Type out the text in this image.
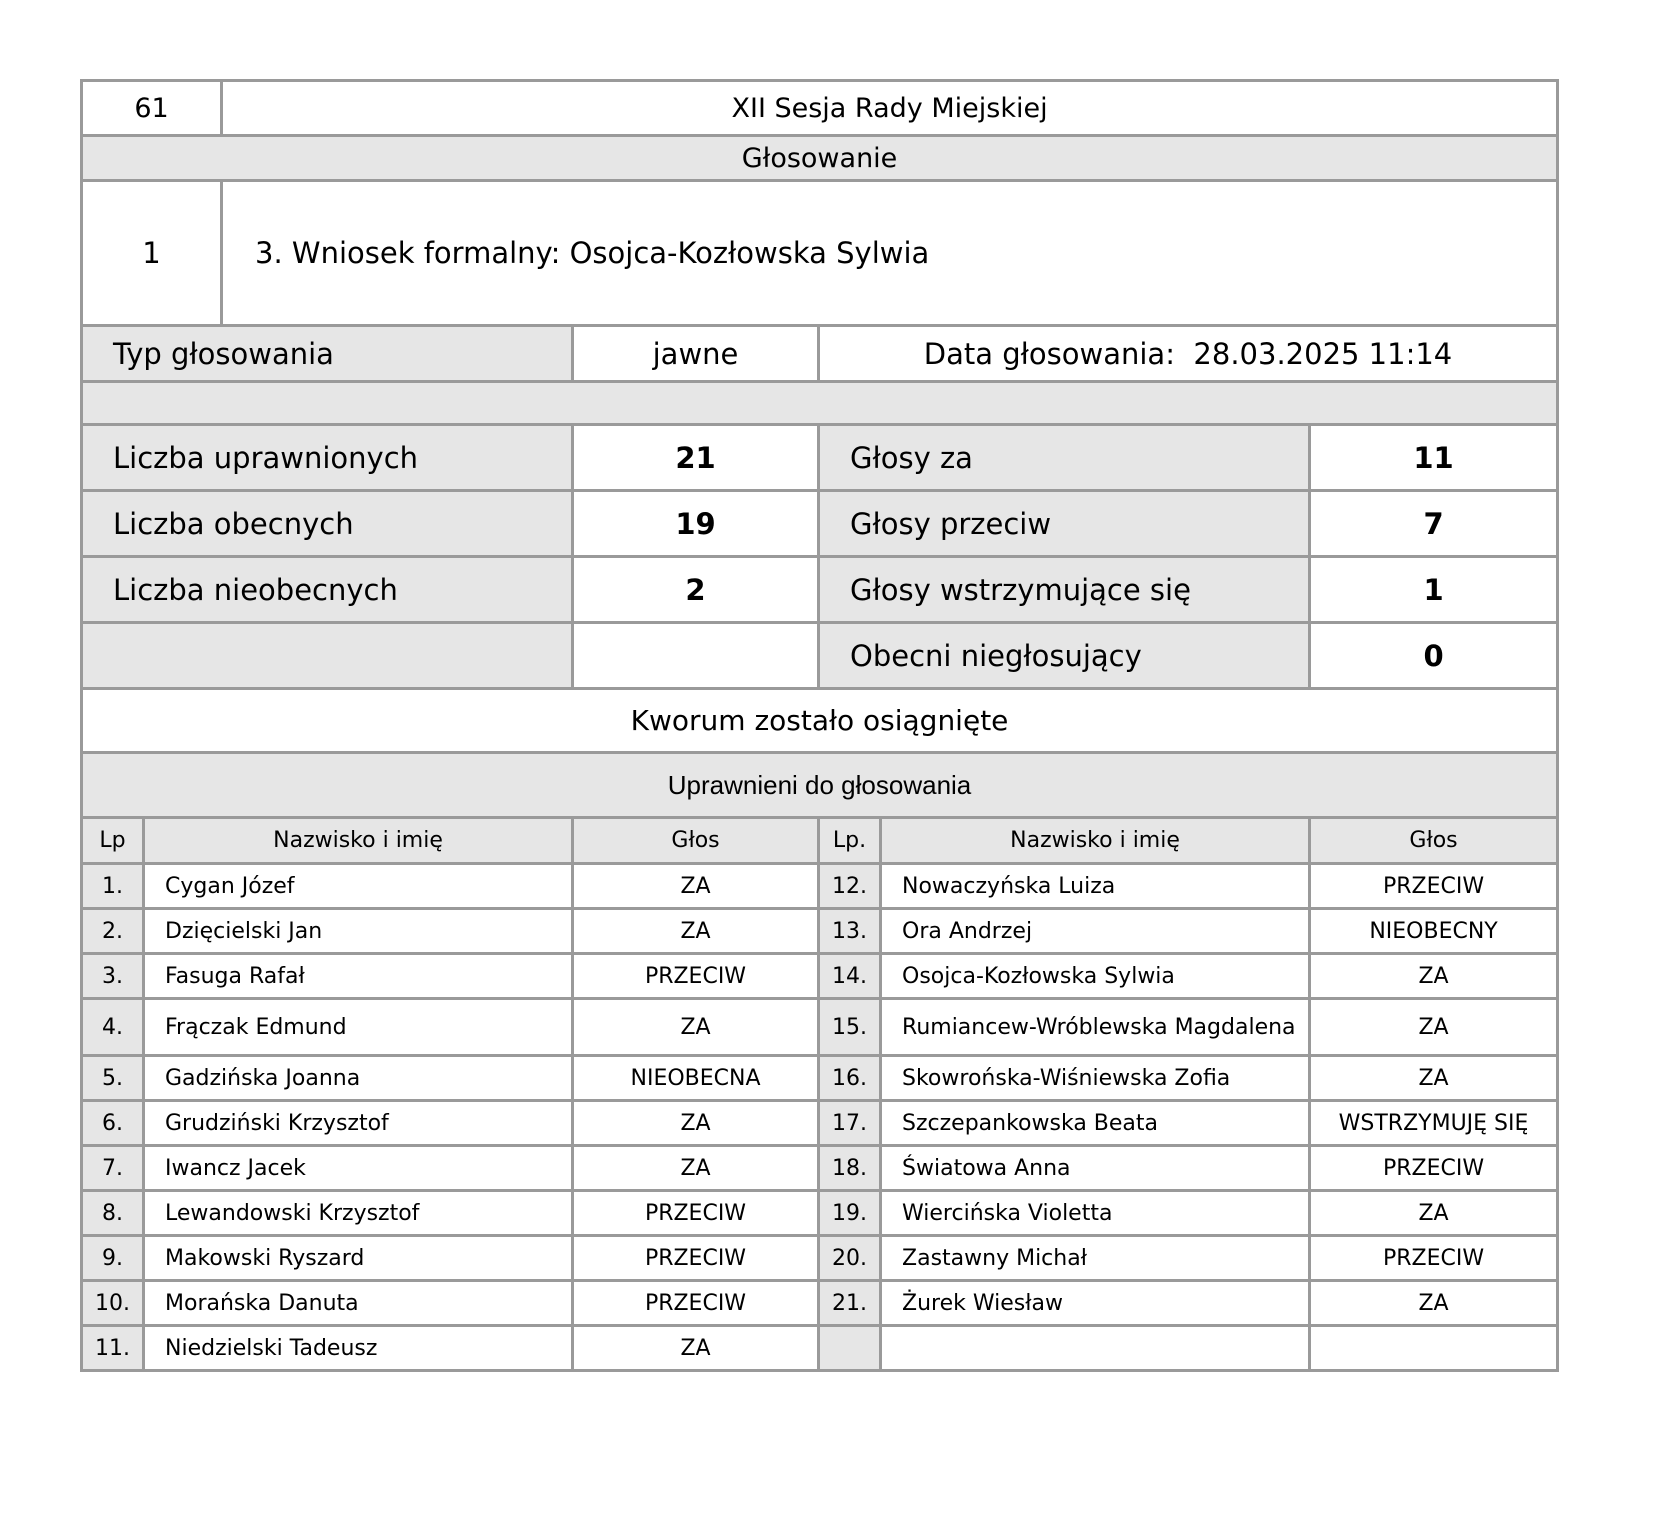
61		XII Sesja Rady Miejskiej				
Głosowanie						
1		3. Wniosek formalny: Osojca-Kozłowska Sylwia				
Typ głosowania			jawne	Data głosowania: 28.03.2025 11:14		

Liczba uprawnionych			21	Głosy za		11
Liczba obecnych			19	Głosy przeciw		7
Liczba nieobecnych			2	Głosy wstrzymujące się		1
				Obecni niegłosujący		0
Kworum zostało osiągnięte						
Uprawnieni do głosowania						
Lp	Nazwisko i imię		Głos	Lp.	Nazwisko i imię	Głos
1.	Cygan Józef		ZA	12.	Nowaczyńska Luiza	PRZECIW
2.	Dzięcielski Jan		ZA	13.	Ora Andrzej	NIEOBECNY
3.	Fasuga Rafał		PRZECIW	14.	Osojca-Kozłowska Sylwia	ZA
4.	Frączak Edmund		ZA	15.	Rumiancew-Wróblewska Magdalena	ZA
5.	Gadzińska Joanna		NIEOBECNA	16.	Skowrońska-Wiśniewska Zofia	ZA
6.	Grudziński Krzysztof		ZA	17.	Szczepankowska Beata	WSTRZYMUJĘ SIĘ
7.	Iwancz Jacek		ZA	18.	Światowa Anna	PRZECIW
8.	Lewandowski Krzysztof		PRZECIW	19.	Wiercińska Violetta	ZA
9.	Makowski Ryszard		PRZECIW	20.	Zastawny Michał	PRZECIW
10.	Morańska Danuta		PRZECIW	21.	Żurek Wiesław	ZA
11.	Niedzielski Tadeusz		ZA			
